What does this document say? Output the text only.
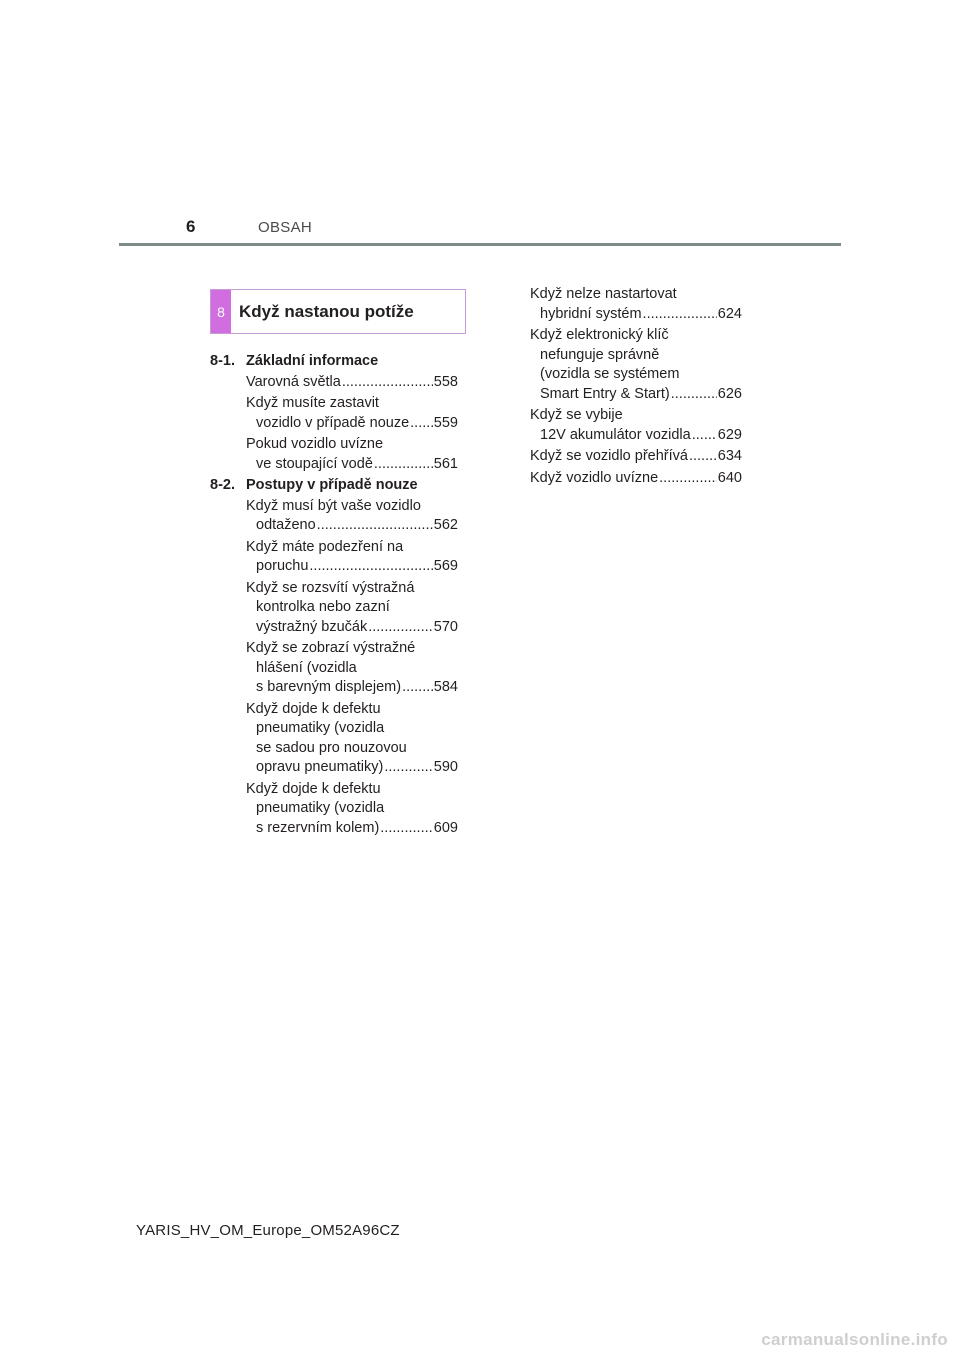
6	OBSAH
8 Když nastanou potíže
8-1. Základní informace
Varovná světla .....	558
Když musíte zastavit
vozidlo v případě nouze ..... 559
Pokud vozidlo uvízne
ve stoupající vodě .....	561
8-2. Postupy v případě nouze
Když musí být vaše vozidlo
odtaženo .....	562
Když máte podezření na
poruchu .....	569
Když se rozsvítí výstražná
kontrolka nebo zazní
výstražný bzučák .....	570
Když se zobrazí výstražné
hlášení (vozidla
s barevným displejem) ..... 584
Když dojde k defektu
pneumatiky (vozidla
se sadou pro nouzovou
opravu pneumatiky) .....	590
Když dojde k defektu
pneumatiky (vozidla
s rezervním kolem) .....	609
Když nelze nastartovat
hybridní systém .....	624
Když elektronický klíč
nefunguje správně
(vozidla se systémem
Smart Entry & Start) .....	626
Když se vybije
12V akumulátor vozidla ..... 629
Když se vozidlo přehřívá ..... 634
Když vozidlo uvízne .....	640
YARIS_HV_OM_Europe_OM52A96CZ
carmanualsonline.info
